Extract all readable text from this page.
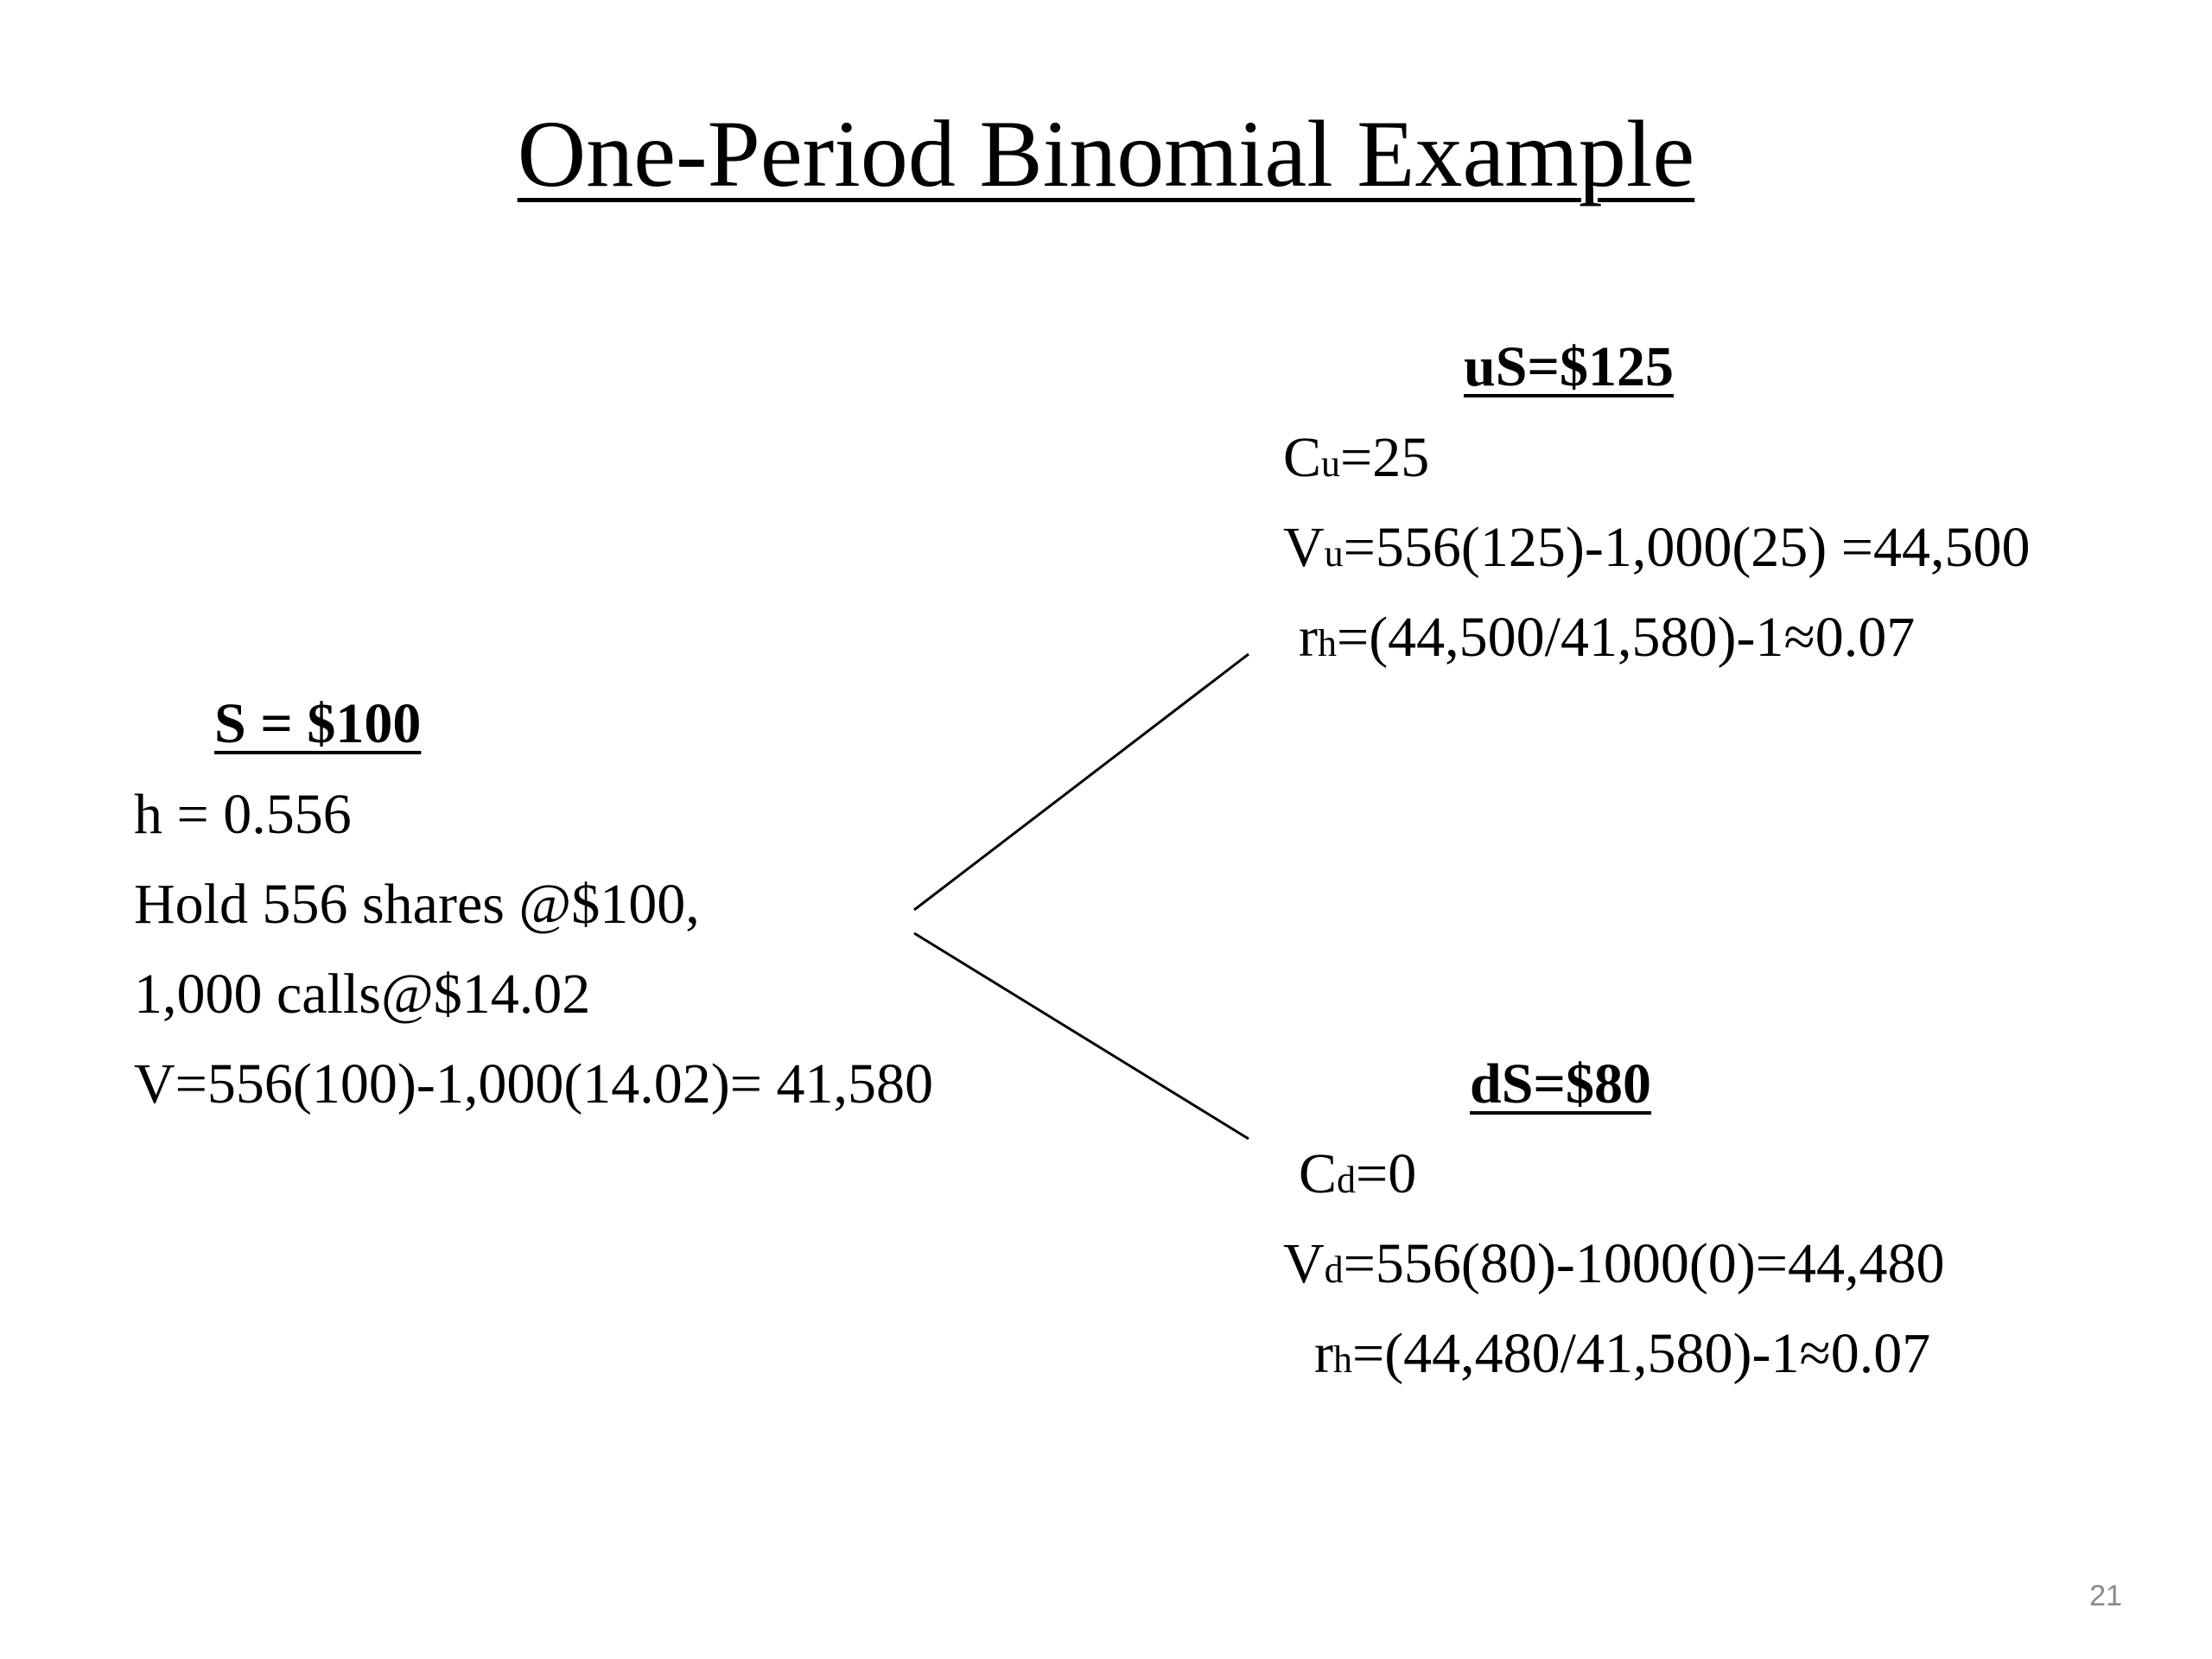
One-Period Binomial Example
S = $100
h = 0.556
Hold 556 shares @$100,
1,000 calls@$14.02
V=556(100)-1,000(14.02)= 41,580
uS=$125
Cu=25
Vu=556(125)-1,000(25) =44,500
rh=(44,500/41,580)-1≈0.07
dS=$80
Cd=0
Vd=556(80)-1000(0)=44,480
rh=(44,480/41,580)-1≈0.07
21
